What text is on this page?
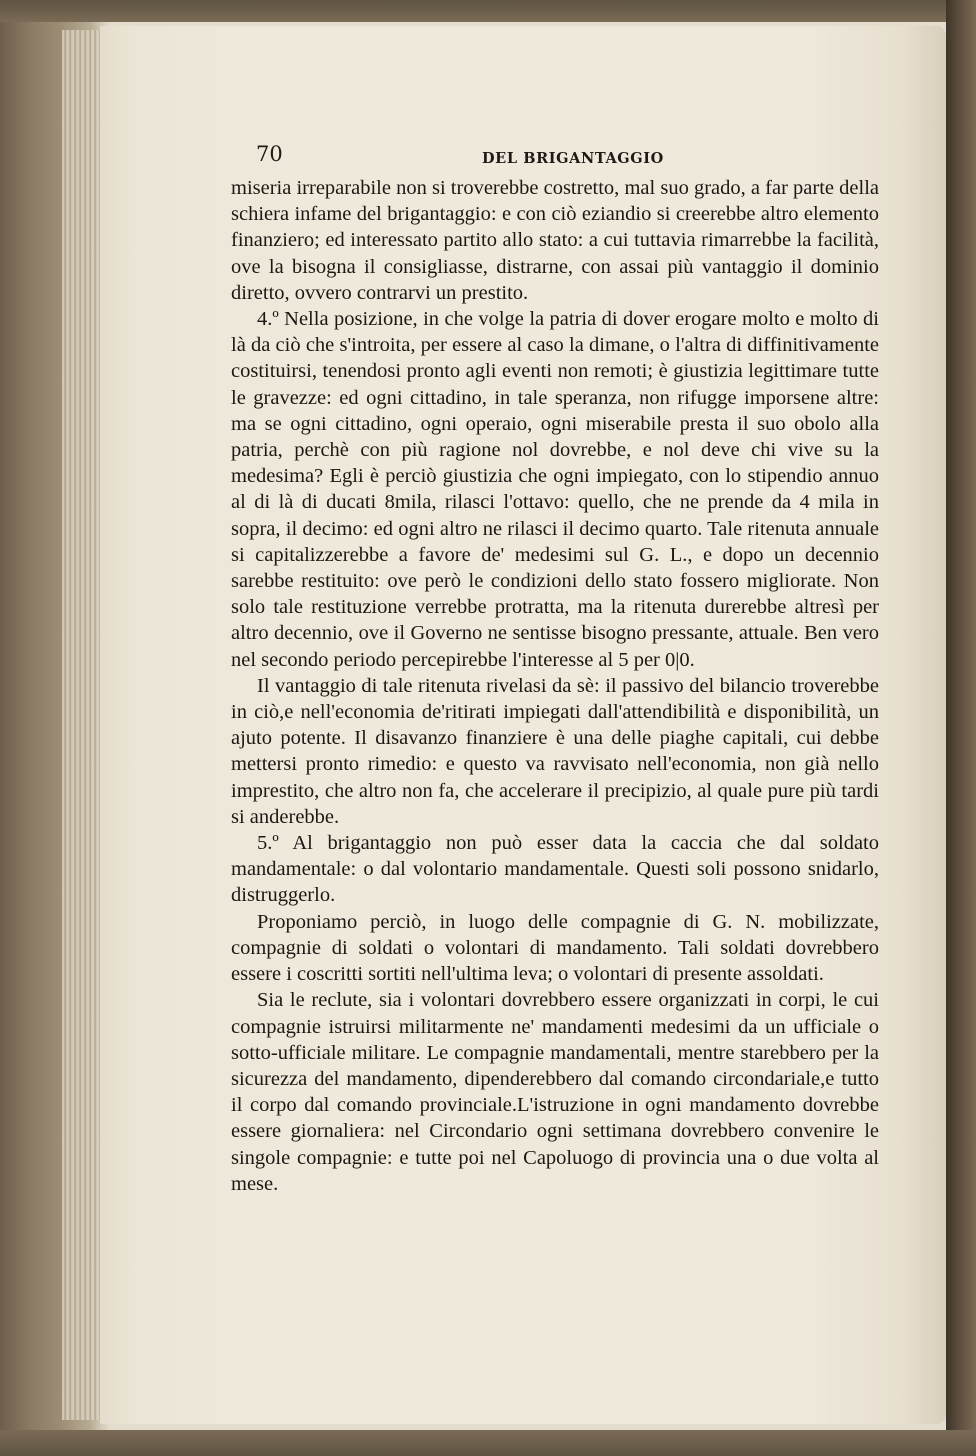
70	DEL BRIGANTAGGIO

miseria irreparabile non si troverebbe costretto, mal suo grado, a far parte della schiera infame del brigantaggio: e con ciò eziandio si creerebbe altro elemento finanziero; ed interessato partito allo stato: a cui tuttavia rimarrebbe la facilità, ove la bisogna il consigliasse, distrarne, con assai più vantaggio il dominio diretto, ovvero contrarvi un prestito.

4.º Nella posizione, in che volge la patria di dover erogare molto e molto di là da ciò che s'introita, per essere al caso la dimane, o l'altra di diffinitivamente costituirsi, tenendosi pronto agli eventi non remoti; è giustizia legittimare tutte le gravezze: ed ogni cittadino, in tale speranza, non rifugge imporsene altre: ma se ogni cittadino, ogni operaio, ogni miserabile presta il suo obolo alla patria, perchè con più ragione nol dovrebbe, e nol deve chi vive su la medesima? Egli è perciò giustizia che ogni impiegato, con lo stipendio annuo al di là di ducati 8mila, rilasci l'ottavo: quello, che ne prende da 4 mila in sopra, il decimo: ed ogni altro ne rilasci il decimo quarto. Tale ritenuta annuale si capitalizzerebbe a favore de' medesimi sul G. L., e dopo un decennio sarebbe restituito: ove però le condizioni dello stato fossero migliorate. Non solo tale restituzione verrebbe protratta, ma la ritenuta durerebbe altresì per altro decennio, ove il Governo ne sentisse bisogno pressante, attuale. Ben vero nel secondo periodo percepirebbe l'interesse al 5 per 0|0.

Il vantaggio di tale ritenuta rivelasi da sè: il passivo del bilancio troverebbe in ciò,e nell'economia de'ritirati impiegati dall'attendibilità e disponibilità, un ajuto potente. Il disavanzo finanziere è una delle piaghe capitali, cui debbe mettersi pronto rimedio: e questo va ravvisato nell'economia, non già nello imprestito, che altro non fa, che accelerare il precipizio, al quale pure più tardi si anderebbe.

5.º Al brigantaggio non può esser data la caccia che dal soldato mandamentale: o dal volontario mandamentale. Questi soli possono snidarlo, distruggerlo.

Proponiamo perciò, in luogo delle compagnie di G. N. mobilizzate, compagnie di soldati o volontari di mandamento. Tali soldati dovrebbero essere i coscritti sortiti nell'ultima leva; o volontari di presente assoldati.

Sia le reclute, sia i volontari dovrebbero essere organizzati in corpi, le cui compagnie istruirsi militarmente ne' mandamenti medesimi da un ufficiale o sotto-ufficiale militare. Le compagnie mandamentali, mentre starebbero per la sicurezza del mandamento, dipenderebbero dal comando circondariale,e tutto il corpo dal comando provinciale.L'istruzione in ogni mandamento dovrebbe essere giornaliera: nel Circondario ogni settimana dovrebbero convenire le singole compagnie: e tutte poi nel Capoluogo di provincia una o due volta al mese.
